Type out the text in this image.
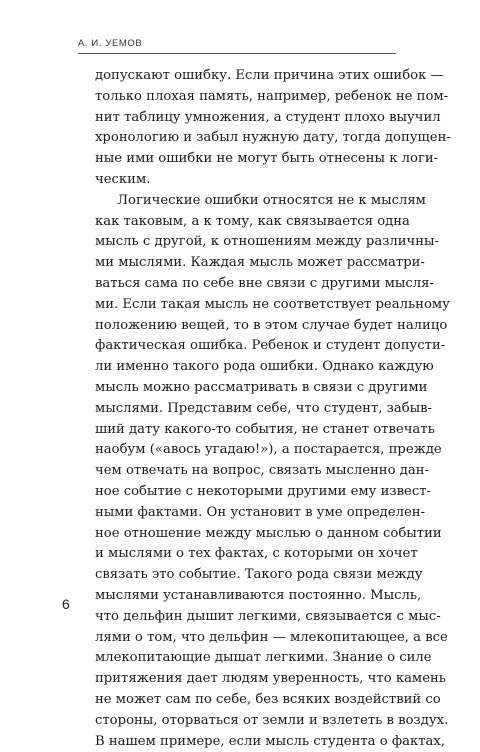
А. И. УЕМОВ
допускают ошибку. Если причина этих ошибок —
только плохая память, например, ребенок не пом-
нит таблицу умножения, а студент плохо выучил
хронологию и забыл нужную дату, тогда допущен-
ные ими ошибки не могут быть отнесены к логи-
ческим.
Логические ошибки относятся не к мыслям
как таковым, а к тому, как связывается одна
мысль с другой, к отношениям между различны-
ми мыслями. Каждая мысль может рассматри-
ваться сама по себе вне связи с другими мысля-
ми. Если такая мысль не соответствует реальному
положению вещей, то в этом случае будет налицо
фактическая ошибка. Ребенок и студент допусти-
ли именно такого рода ошибки. Однако каждую
мысль можно рассматривать в связи с другими
мыслями. Представим себе, что студент, забыв-
ший дату какого-то события, не станет отвечать
наобум («авось угадаю!»), а постарается, прежде
чем отвечать на вопрос, связать мысленно дан-
ное событие с некоторыми другими ему извест-
ными фактами. Он установит в уме определен-
ное отношение между мыслью о данном событии
и мыслями о тех фактах, с которыми он хочет
связать это событие. Такого рода связи между
мыслями устанавливаются постоянно. Мысль,
что дельфин дышит легкими, связывается с мыс-
лями о том, что дельфин — млекопитающее, а все
млекопитающие дышат легкими. Знание о силе
притяжения дает людям уверенность, что камень
не может сам по себе, без всяких воздействий со
стороны, оторваться от земли и взлететь в воздух.
В нашем примере, если мысль студента о фактах,
6
